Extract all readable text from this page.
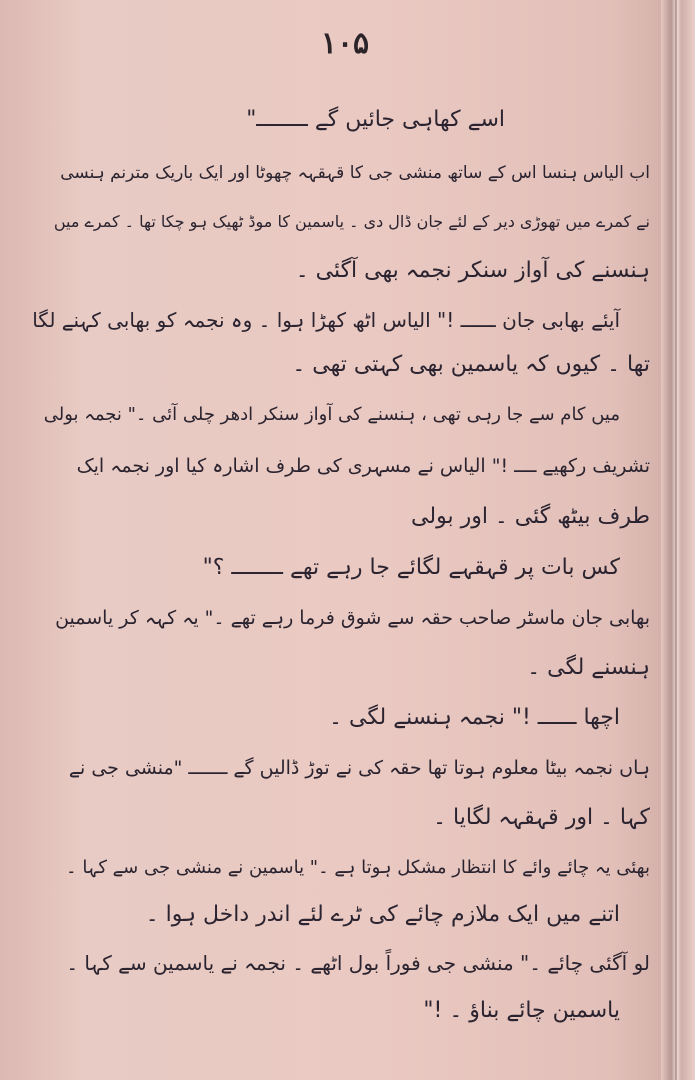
۱۰۵
اسے کھاہی جائیں گے ــــــــ"
اب الیاس ہنسا اس کے ساتھ منشی جی کا قہقہہ چھوٹا اور ایک باریک مترنم ہنسی
نے کمرے میں تھوڑی دیر کے لئے جان ڈال دی ۔ یاسمین کا موڈ ٹھیک ہو چکا تھا ۔ کمرے میں
ہنسنے کی آواز سنکر نجمہ بھی آگئی ۔
آیئے بھابی جان ــــــ !" الیاس اٹھ کھڑا ہوا ۔ وہ نجمہ کو بھابی کہنے لگا
تھا ۔ کیوں کہ یاسمین بھی کہتی تھی ۔
میں کام سے جا رہی تھی ، ہنسنے کی آواز سنکر ادھر چلی آئی ۔" نجمہ بولی
تشریف رکھیے ــــ !" الیاس نے مسہری کی طرف اشارہ کیا اور نجمہ ایک
طرف بیٹھ گئی ۔ اور بولی
کس بات پر قہقہے لگائے جا رہے تھے ــــــــ ؟"
بھابی جان ماسٹر صاحب حقہ سے شوق فرما رہے تھے ۔" یہ کہہ کر یاسمین
ہنسنے لگی ۔
اچھا ــــــ !" نجمہ ہنسنے لگی ۔
ہاں نجمہ بیٹا معلوم ہوتا تھا حقہ کی نے توڑ ڈالیں گے ـــــــ "منشی جی نے
کہا ۔ اور قہقہہ لگایا ۔
بھئی یہ چائے وائے کا انتظار مشکل ہوتا ہے ۔" یاسمین نے منشی جی سے کہا ۔
اتنے میں ایک ملازم چائے کی ٹرے لئے اندر داخل ہوا ۔
لو آگئی چائے ۔" منشی جی فوراً بول اٹھے ۔ نجمہ نے یاسمین سے کہا ۔
یاسمین چائے بناؤ ۔ !"
